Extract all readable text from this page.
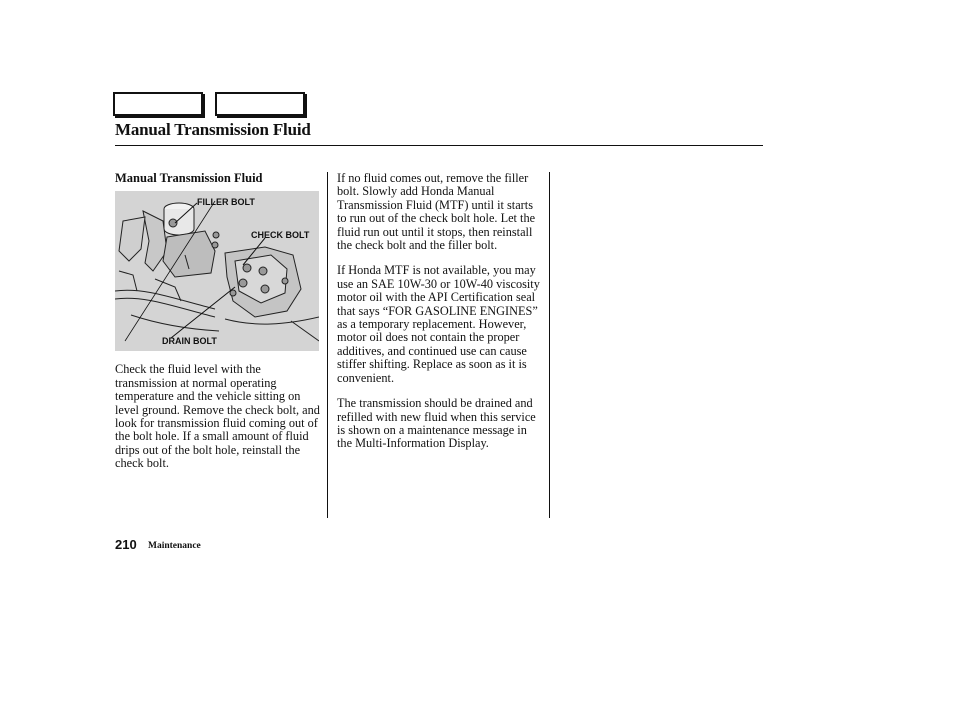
Manual Transmission Fluid
Manual Transmission Fluid
FILLER BOLT
CHECK BOLT
DRAIN BOLT

Check the fluid level with the transmission at normal operating temperature and the vehicle sitting on level ground. Remove the check bolt, and look for transmission fluid coming out of the bolt hole. If a small amount of fluid drips out of the bolt hole, reinstall the check bolt.

If no fluid comes out, remove the filler bolt. Slowly add Honda Manual Transmission Fluid (MTF) until it starts to run out of the check bolt hole. Let the fluid run out until it stops, then reinstall the check bolt and the filler bolt.

If Honda MTF is not available, you may use an SAE 10W-30 or 10W-40 viscosity motor oil with the API Certification seal that says “FOR GASOLINE ENGINES” as a temporary replacement. However, motor oil does not contain the proper additives, and continued use can cause stiffer shifting. Replace as soon as it is convenient.

The transmission should be drained and refilled with new fluid when this service is shown on a maintenance message in the Multi-Information Display.

210 Maintenance
